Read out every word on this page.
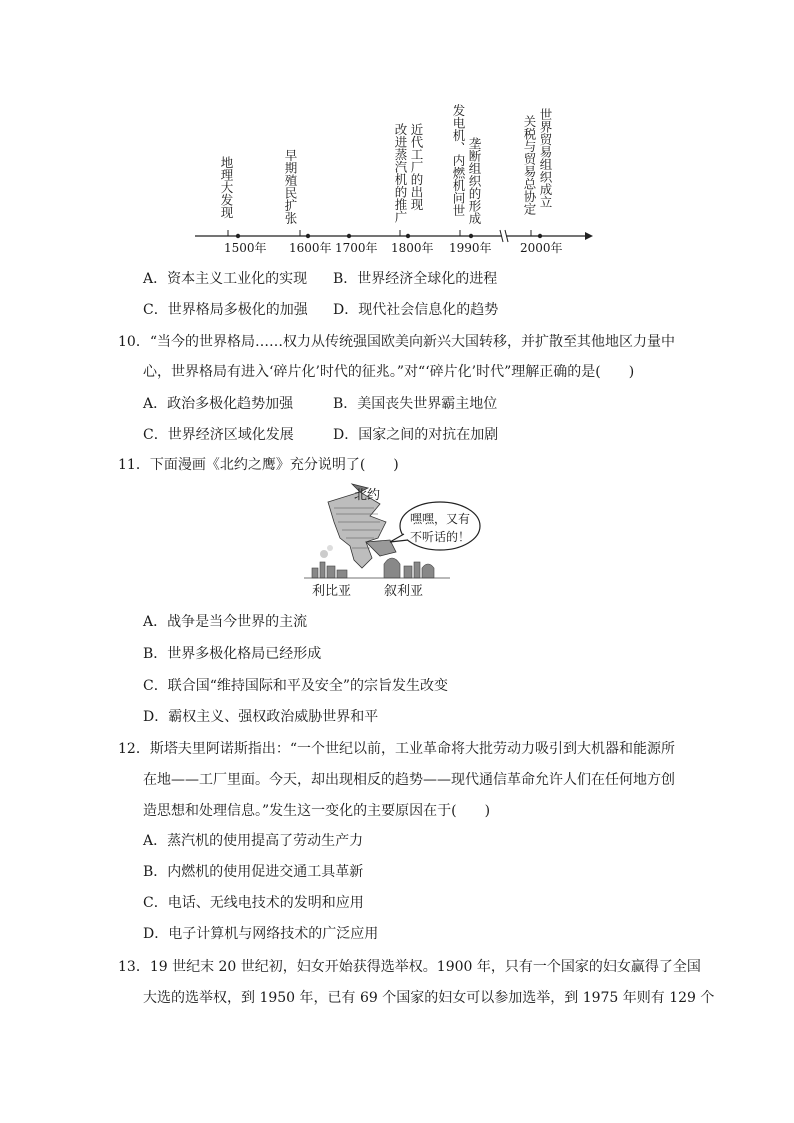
地理大发现	早期殖民扩张	改进蒸汽机的推广 近代工厂的出现 发电机、内燃机问世 垄断组织的形成	关税与贸易总协定 世界贸易组织成立
1500年 1600年 1700年 1800年 1990年 2000年
A．资本主义工业化的实现 B．世界经济全球化的进程
C．世界格局多极化的加强 D．现代社会信息化的趋势
10．“当今的世界格局……权力从传统强国欧美向新兴大国转移，并扩散至其他地区力量中
心，世界格局有进入‘碎片化’时代的征兆。”对“‘碎片化’时代”理解正确的是(　　)
A．政治多极化趋势加强	B．美国丧失世界霸主地位
C．世界经济区域化发展	D．国家之间的对抗在加剧
11．下面漫画《北约之鹰》充分说明了(　　)
北约
嘿嘿，又有
不听话的！
利比亚	叙利亚
A．战争是当今世界的主流
B．世界多极化格局已经形成
C．联合国“维持国际和平及安全”的宗旨发生改变
D．霸权主义、强权政治威胁世界和平
12．斯塔夫里阿诺斯指出：“一个世纪以前，工业革命将大批劳动力吸引到大机器和能源所
在地——工厂里面。今天，却出现相反的趋势——现代通信革命允许人们在任何地方创
造思想和处理信息。”发生这一变化的主要原因在于(　　)
A．蒸汽机的使用提高了劳动生产力
B．内燃机的使用促进交通工具革新
C．电话、无线电技术的发明和应用
D．电子计算机与网络技术的广泛应用
13．19 世纪末 20 世纪初，妇女开始获得选举权。1900 年，只有一个国家的妇女赢得了全国
大选的选举权，到 1950 年，已有 69 个国家的妇女可以参加选举，到 1975 年则有 129 个
